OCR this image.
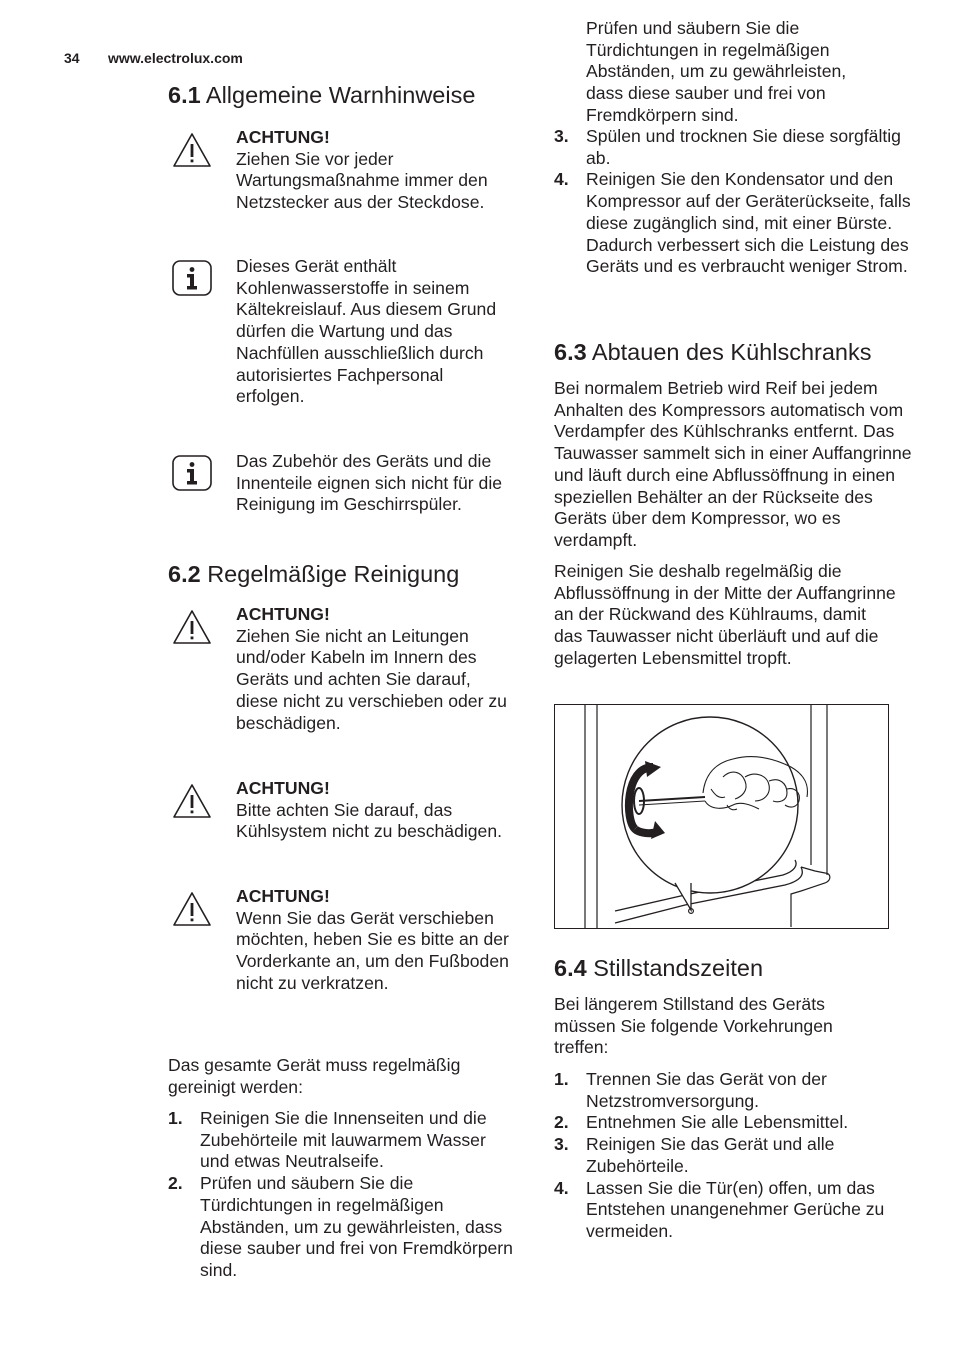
34 www.electrolux.com
6.1 Allgemeine Warnhinweise
ACHTUNG!
Ziehen Sie vor jeder Wartungsmaßnahme immer den Netzstecker aus der Steckdose.
Dieses Gerät enthält Kohlenwasserstoffe in seinem Kältekreislauf. Aus diesem Grund dürfen die Wartung und das Nachfüllen ausschließlich durch autorisiertes Fachpersonal erfolgen.
Das Zubehör des Geräts und die Innenteile eignen sich nicht für die Reinigung im Geschirrspüler.
6.2 Regelmäßige Reinigung
ACHTUNG!
Ziehen Sie nicht an Leitungen und/oder Kabeln im Innern des Geräts und achten Sie darauf, diese nicht zu verschieben oder zu beschädigen.
ACHTUNG!
Bitte achten Sie darauf, das Kühlsystem nicht zu beschädigen.
ACHTUNG!
Wenn Sie das Gerät verschieben möchten, heben Sie es bitte an der Vorderkante an, um den Fußboden nicht zu verkratzen.
Das gesamte Gerät muss regelmäßig gereinigt werden:
1. Reinigen Sie die Innenseiten und die Zubehörteile mit lauwarmem Wasser und etwas Neutralseife.
2. Prüfen und säubern Sie die Türdichtungen in regelmäßigen Abständen, um zu gewährleisten, dass diese sauber und frei von Fremdkörpern sind.
Prüfen und säubern Sie die Türdichtungen in regelmäßigen Abständen, um zu gewährleisten, dass diese sauber und frei von Fremdkörpern sind.
3. Spülen und trocknen Sie diese sorgfältig ab.
4. Reinigen Sie den Kondensator und den Kompressor auf der Geräterückseite, falls diese zugänglich sind, mit einer Bürste.
Dadurch verbessert sich die Leistung des Geräts und es verbraucht weniger Strom.
6.3 Abtauen des Kühlschranks
Bei normalem Betrieb wird Reif bei jedem Anhalten des Kompressors automatisch vom Verdampfer des Kühlschranks entfernt. Das Tauwasser sammelt sich in einer Auffangrinne und läuft durch eine Abflussöffnung in einen speziellen Behälter an der Rückseite des Geräts über dem Kompressor, wo es verdampft.
Reinigen Sie deshalb regelmäßig die Abflussöffnung in der Mitte der Auffangrinne an der Rückwand des Kühlraums, damit das Tauwasser nicht überläuft und auf die gelagerten Lebensmittel tropft.
6.4 Stillstandszeiten
Bei längerem Stillstand des Geräts müssen Sie folgende Vorkehrungen treffen:
1. Trennen Sie das Gerät von der Netzstromversorgung.
2. Entnehmen Sie alle Lebensmittel.
3. Reinigen Sie das Gerät und alle Zubehörteile.
4. Lassen Sie die Tür(en) offen, um das Entstehen unangenehmer Gerüche zu vermeiden.
